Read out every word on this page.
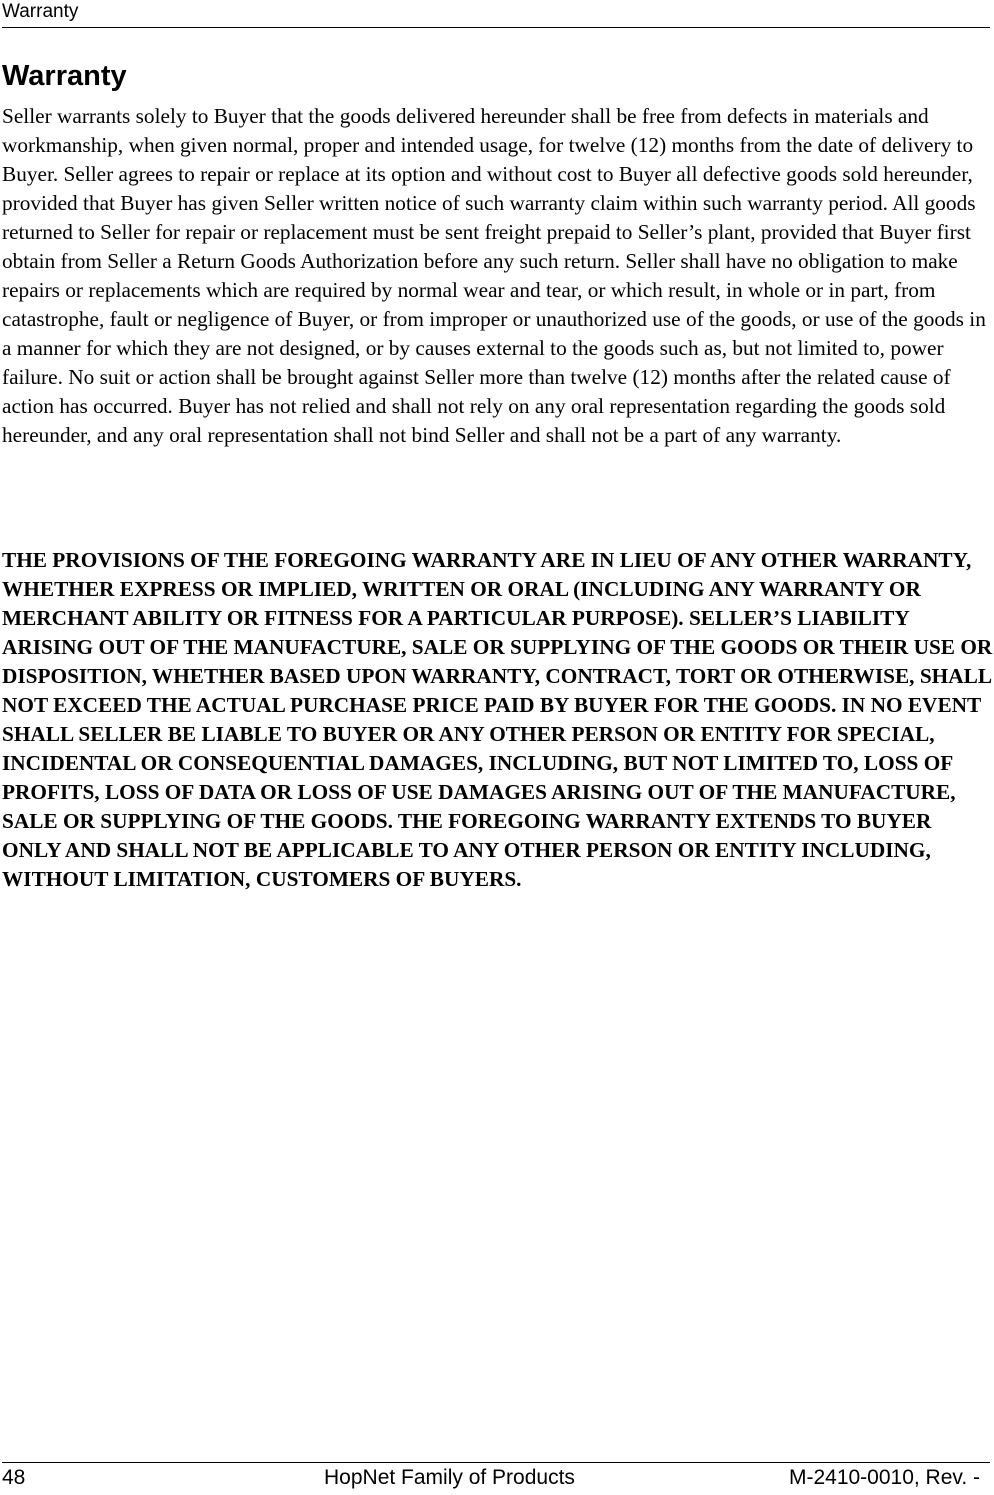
Warranty
Warranty

Seller warrants solely to Buyer that the goods delivered hereunder shall be free from defects in materials and workmanship, when given normal, proper and intended usage, for twelve (12) months from the date of delivery to Buyer. Seller agrees to repair or replace at its option and without cost to Buyer all defective goods sold hereunder, provided that Buyer has given Seller written notice of such warranty claim within such warranty period. All goods returned to Seller for repair or replacement must be sent freight prepaid to Seller’s plant, provided that Buyer first obtain from Seller a Return Goods Authorization before any such return. Seller shall have no obligation to make repairs or replacements which are required by normal wear and tear, or which result, in whole or in part, from catastrophe, fault or negligence of Buyer, or from improper or unauthorized use of the goods, or use of the goods in a manner for which they are not designed, or by causes external to the goods such as, but not limited to, power failure. No suit or action shall be brought against Seller more than twelve (12) months after the related cause of action has occurred. Buyer has not relied and shall not rely on any oral representation regarding the goods sold hereunder, and any oral representation shall not bind Seller and shall not be a part of any warranty.

THE PROVISIONS OF THE FOREGOING WARRANTY ARE IN LIEU OF ANY OTHER WARRANTY, WHETHER EXPRESS OR IMPLIED, WRITTEN OR ORAL (INCLUDING ANY WARRANTY OR MERCHANT ABILITY OR FITNESS FOR A PARTICULAR PURPOSE). SELLER’S LIABILITY ARISING OUT OF THE MANUFACTURE, SALE OR SUPPLYING OF THE GOODS OR THEIR USE OR DISPOSITION, WHETHER BASED UPON WARRANTY, CONTRACT, TORT OR OTHERWISE, SHALL NOT EXCEED THE ACTUAL PURCHASE PRICE PAID BY BUYER FOR THE GOODS. IN NO EVENT SHALL SELLER BE LIABLE TO BUYER OR ANY OTHER PERSON OR ENTITY FOR SPECIAL, INCIDENTAL OR CONSEQUENTIAL DAMAGES, INCLUDING, BUT NOT LIMITED TO, LOSS OF PROFITS, LOSS OF DATA OR LOSS OF USE DAMAGES ARISING OUT OF THE MANUFACTURE, SALE OR SUPPLYING OF THE GOODS. THE FOREGOING WARRANTY EXTENDS TO BUYER ONLY AND SHALL NOT BE APPLICABLE TO ANY OTHER PERSON OR ENTITY INCLUDING, WITHOUT LIMITATION, CUSTOMERS OF BUYERS.

48	HopNet Family of Products	M-2410-0010, Rev. -
